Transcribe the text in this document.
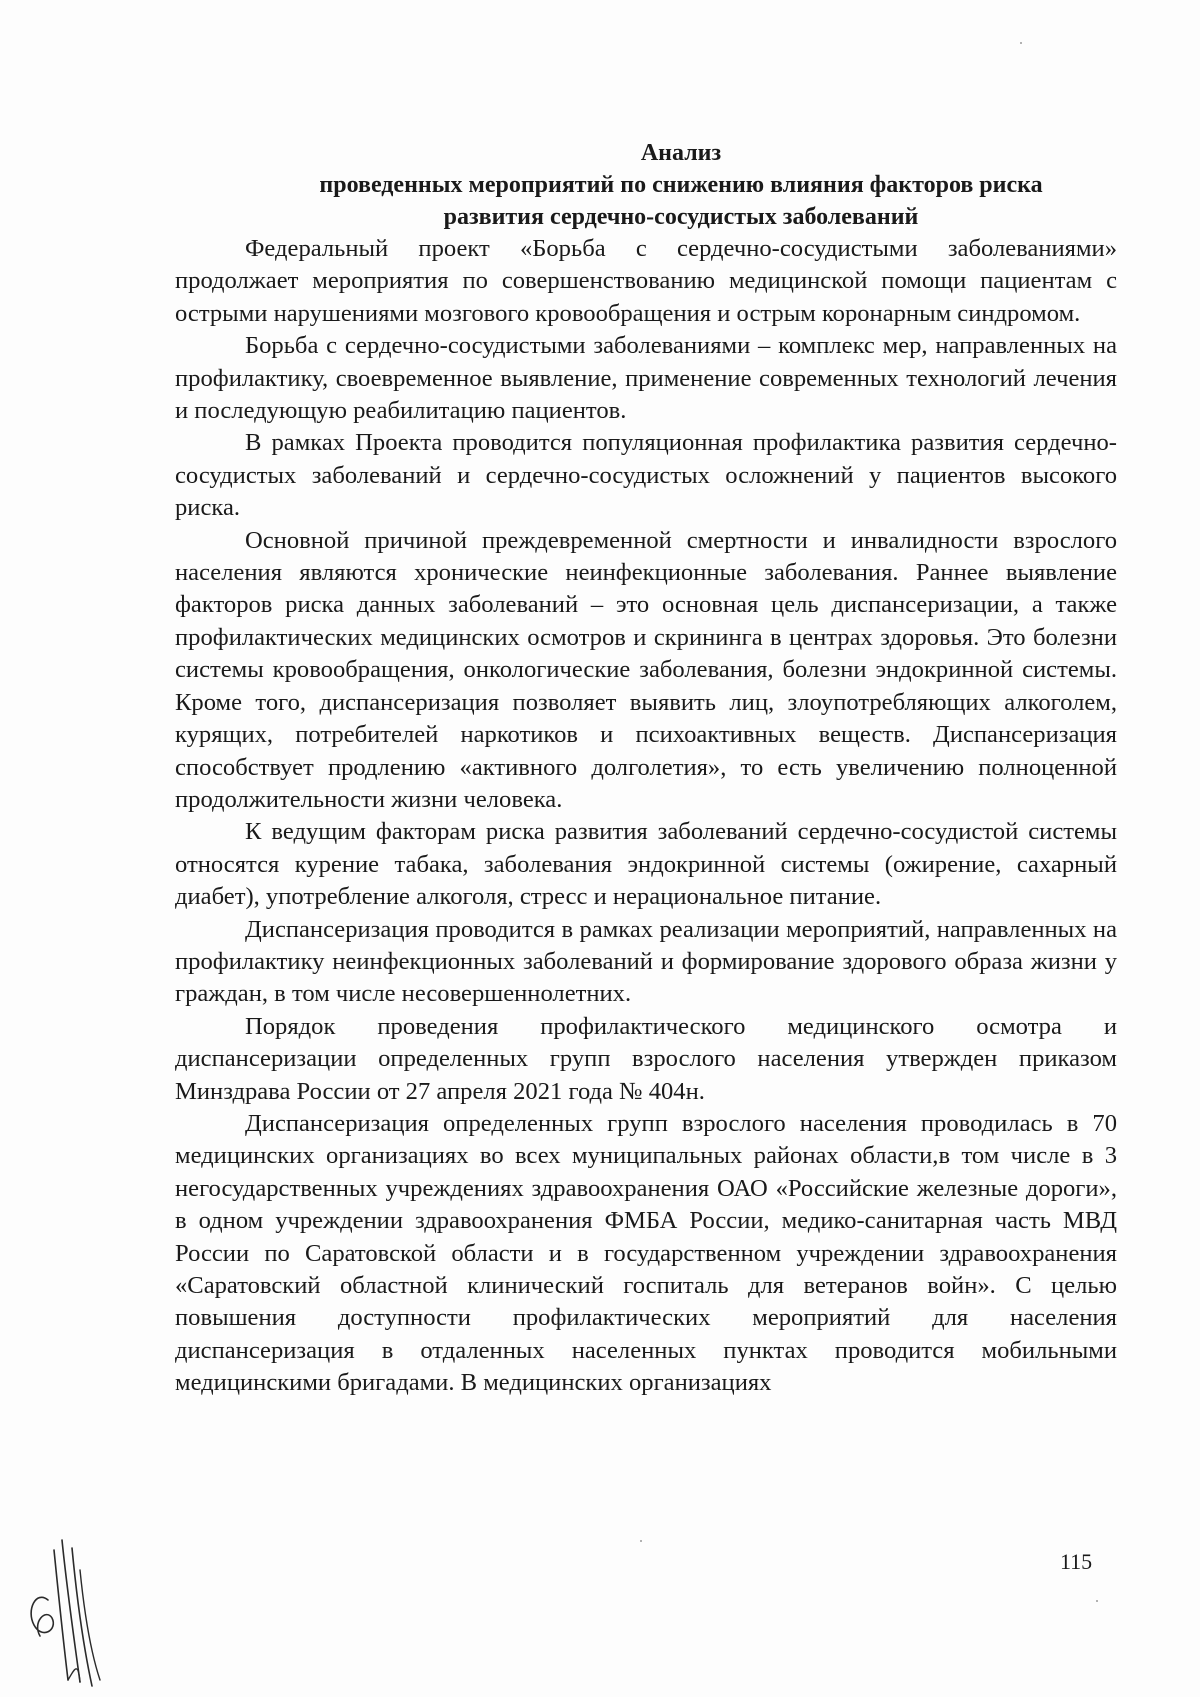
Анализ
проведенных мероприятий по снижению влияния факторов риска
развития сердечно-сосудистых заболеваний

Федеральный проект «Борьба с сердечно-сосудистыми заболеваниями» продолжает мероприятия по совершенствованию медицинской помощи пациентам с острыми нарушениями мозгового кровообращения и острым коронарным синдромом.

Борьба с сердечно-сосудистыми заболеваниями – комплекс мер, направленных на профилактику, своевременное выявление, применение современных технологий лечения и последующую реабилитацию пациентов.

В рамках Проекта проводится популяционная профилактика развития сердечно-сосудистых заболеваний и сердечно-сосудистых осложнений у пациентов высокого риска.

Основной причиной преждевременной смертности и инвалидности взрослого населения являются хронические неинфекционные заболевания. Раннее выявление факторов риска данных заболеваний – это основная цель диспансеризации, а также профилактических медицинских осмотров и скрининга в центрах здоровья. Это болезни системы кровообращения, онкологические заболевания, болезни эндокринной системы. Кроме того, диспансеризация позволяет выявить лиц, злоупотребляющих алкоголем, курящих, потребителей наркотиков и психоактивных веществ. Диспансеризация способствует продлению «активного долголетия», то есть увеличению полноценной продолжительности жизни человека.

К ведущим факторам риска развития заболеваний сердечно-сосудистой системы относятся курение табака, заболевания эндокринной системы (ожирение, сахарный диабет), употребление алкоголя, стресс и нерациональное питание.

Диспансеризация проводится в рамках реализации мероприятий, направленных на профилактику неинфекционных заболеваний и формирование здорового образа жизни у граждан, в том числе несовершеннолетних.

Порядок проведения профилактического медицинского осмотра и диспансеризации определенных групп взрослого населения утвержден приказом Минздрава России от 27 апреля 2021 года № 404н.

Диспансеризация определенных групп взрослого населения проводилась в 70 медицинских организациях во всех муниципальных районах области,в том числе в 3 негосударственных учреждениях здравоохранения ОАО «Российские железные дороги», в одном учреждении здравоохранения ФМБА России, медико-санитарная часть МВД России по Саратовской области и в государственном учреждении здравоохранения «Саратовский областной клинический госпиталь для ветеранов войн». С целью повышения доступности профилактических мероприятий для населения диспансеризация в отдаленных населенных пунктах проводится мобильными медицинскими бригадами. В медицинских организациях

115
